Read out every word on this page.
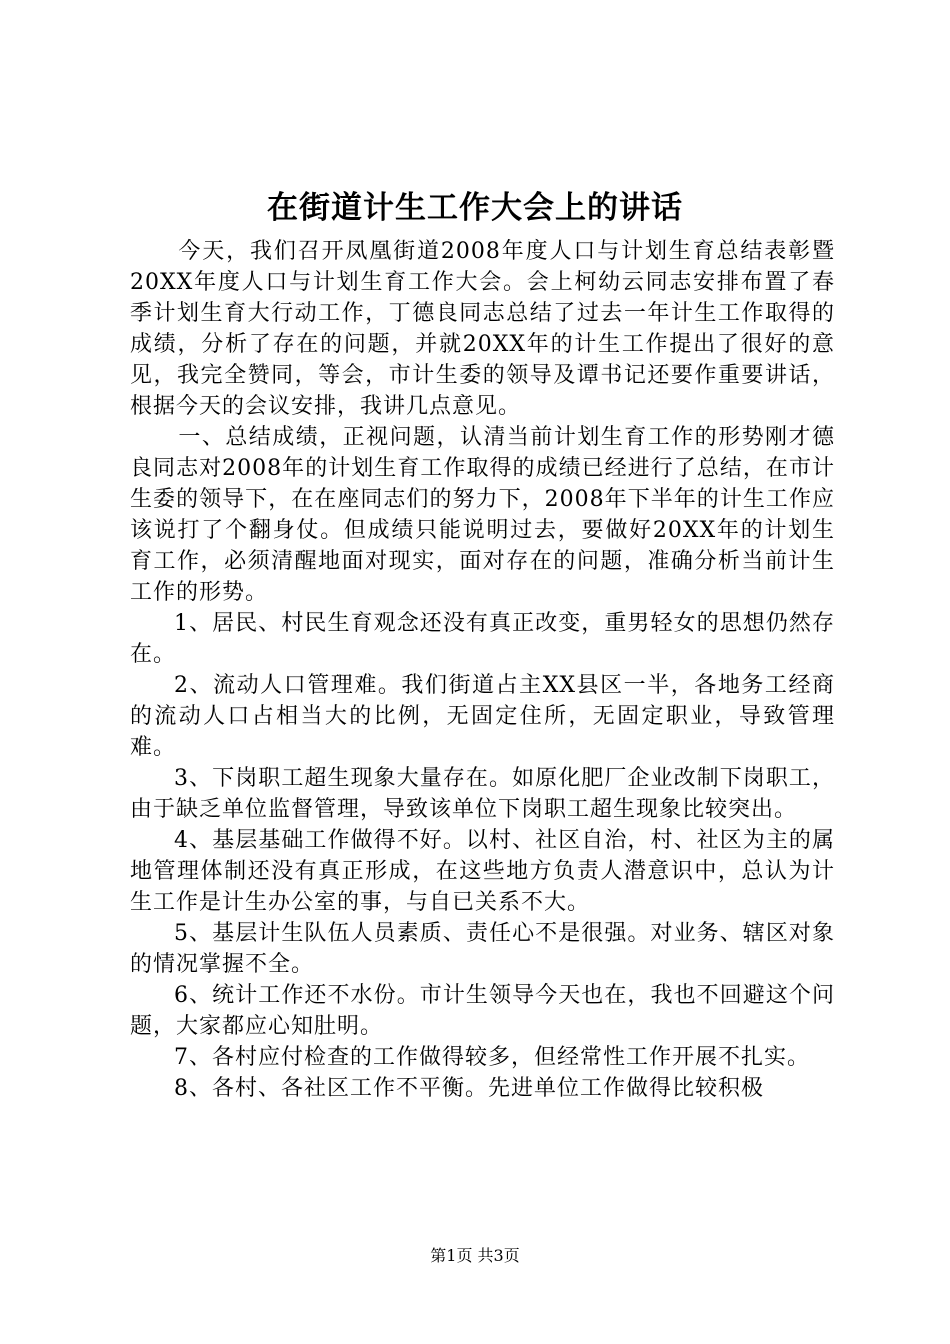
在街道计生工作大会上的讲话

今天，我们召开凤凰街道2008年度人口与计划生育总结表彰暨20XX年度人口与计划生育工作大会。会上柯幼云同志安排布置了春季计划生育大行动工作，丁德良同志总结了过去一年计生工作取得的成绩，分析了存在的问题，并就20XX年的计生工作提出了很好的意见，我完全赞同，等会，市计生委的领导及谭书记还要作重要讲话，根据今天的会议安排，我讲几点意见。

一、总结成绩，正视问题，认清当前计划生育工作的形势刚才德良同志对2008年的计划生育工作取得的成绩已经进行了总结，在市计生委的领导下，在在座同志们的努力下，2008年下半年的计生工作应该说打了个翻身仗。但成绩只能说明过去，要做好20XX年的计划生育工作，必须清醒地面对现实，面对存在的问题，准确分析当前计生工作的形势。

1、居民、村民生育观念还没有真正改变，重男轻女的思想仍然存在。

2、流动人口管理难。我们街道占主XX县区一半，各地务工经商的流动人口占相当大的比例，无固定住所，无固定职业，导致管理难。

3、下岗职工超生现象大量存在。如原化肥厂企业改制下岗职工，由于缺乏单位监督管理，导致该单位下岗职工超生现象比较突出。

4、基层基础工作做得不好。以村、社区自治，村、社区为主的属地管理体制还没有真正形成，在这些地方负责人潜意识中，总认为计生工作是计生办公室的事，与自已关系不大。

5、基层计生队伍人员素质、责任心不是很强。对业务、辖区对象的情况掌握不全。

6、统计工作还不水份。市计生领导今天也在，我也不回避这个问题，大家都应心知肚明。

7、各村应付检查的工作做得较多，但经常性工作开展不扎实。

8、各村、各社区工作不平衡。先进单位工作做得比较积极

第1页 共3页
